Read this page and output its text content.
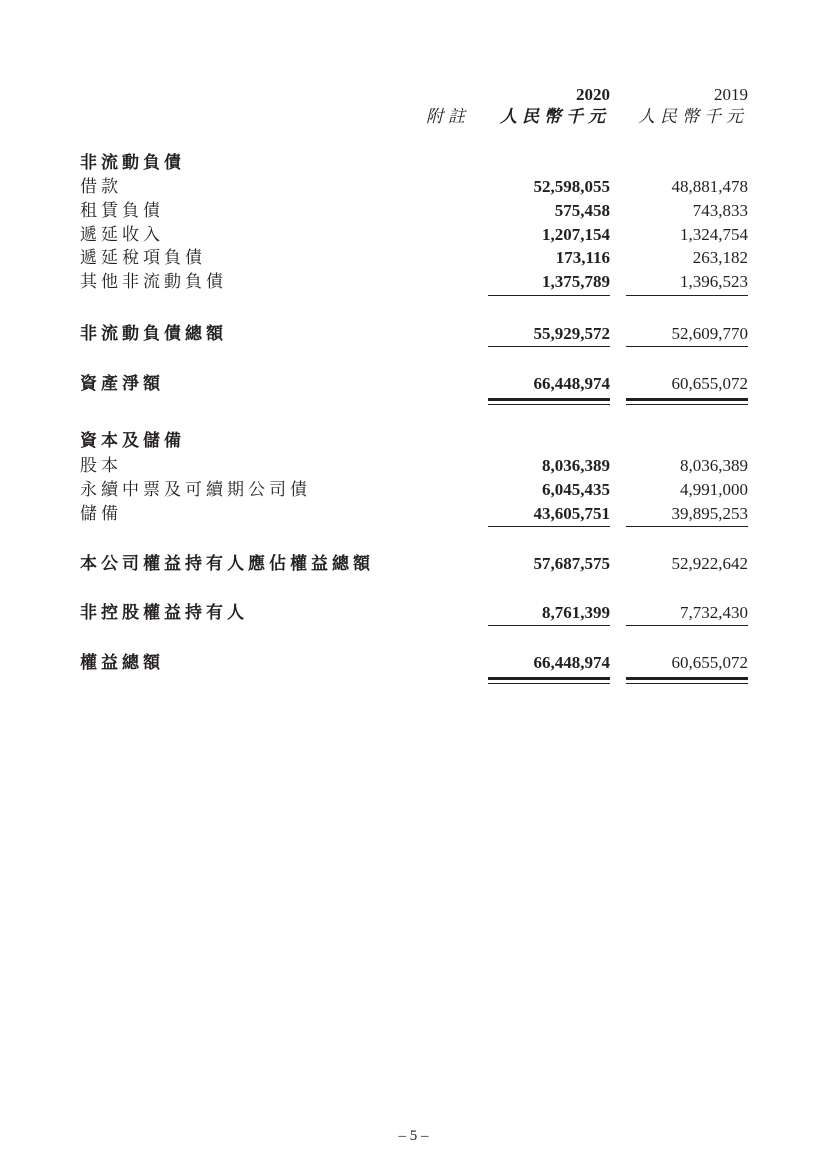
2020	2019
附註 人民幣千元 人民幣千元
非流動負債
借款	52,598,055	48,881,478
租賃負債	575,458	743,833
遞延收入	1,207,154	1,324,754
遞延稅項負債	173,116	263,182
其他非流動負債	1,375,789	1,396,523
非流動負債總額	55,929,572	52,609,770
資產淨額	66,448,974	60,655,072
資本及儲備
股本	8,036,389	8,036,389
永續中票及可續期公司債	6,045,435	4,991,000
儲備	43,605,751	39,895,253
本公司權益持有人應佔權益總額	57,687,575	52,922,642
非控股權益持有人	8,761,399	7,732,430
權益總額	66,448,974	60,655,072
– 5 –
